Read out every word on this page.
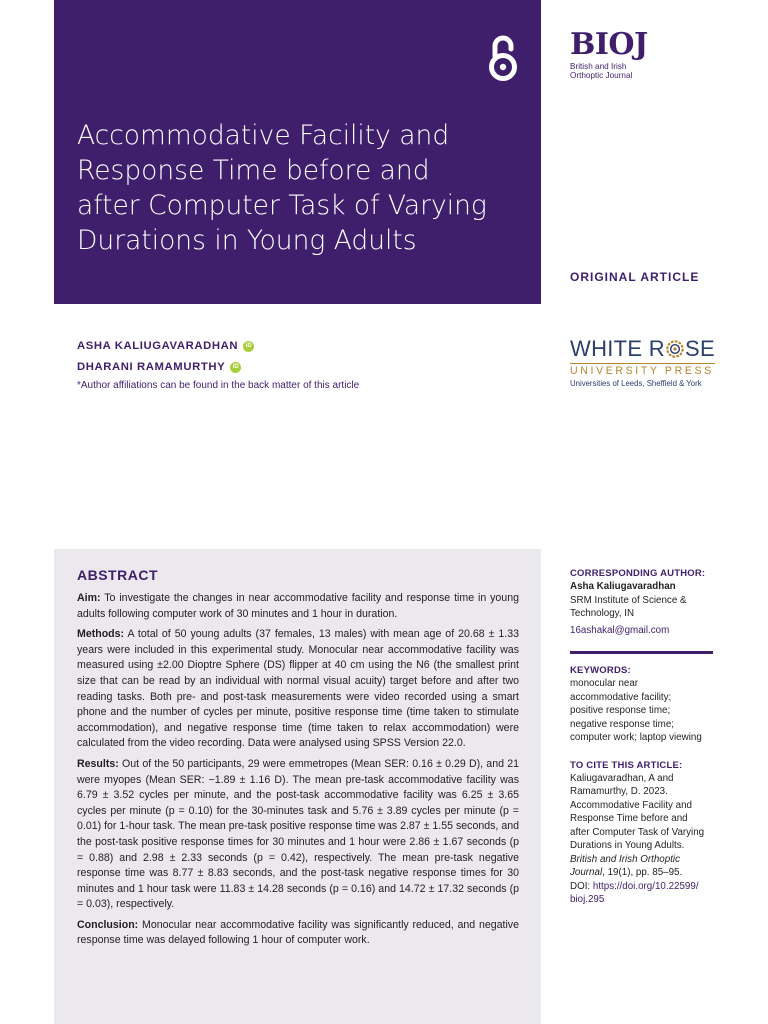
Accommodative Facility and Response Time before and after Computer Task of Varying Durations in Young Adults
BIOJ
British and Irish
Orthoptic Journal
ORIGINAL ARTICLE
ASHA KALIUGAVARADHAN	iD
DHARANI RAMAMURTHY	iD
*Author affiliations can be found in the back matter of this article
WHITE R SE
UNIVERSITY PRESS
Universities of Leeds, Sheffield & York
ABSTRACT

Aim: To investigate the changes in near accommodative facility and response time in young adults following computer work of 30 minutes and 1 hour in duration.

Methods: A total of 50 young adults (37 females, 13 males) with mean age of 20.68 ± 1.33 years were included in this experimental study. Monocular near accommodative facility was measured using ±2.00 Dioptre Sphere (DS) flipper at 40 cm using the N6 (the smallest print size that can be read by an individual with normal visual acuity) target before and after two reading tasks. Both pre- and post-task measurements were video recorded using a smart phone and the number of cycles per minute, positive response time (time taken to stimulate accommodation), and negative response time (time taken to relax accommodation) were calculated from the video recording. Data were analysed using SPSS Version 22.0.

Results: Out of the 50 participants, 29 were emmetropes (Mean SER: 0.16 ± 0.29 D), and 21 were myopes (Mean SER: −1.89 ± 1.16 D). The mean pre-task accommodative facility was 6.79 ± 3.52 cycles per minute, and the post-task accommodative facility was 6.25 ± 3.65 cycles per minute (p = 0.10) for the 30-minutes task and 5.76 ± 3.89 cycles per minute (p = 0.01) for 1-hour task. The mean pre-task positive response time was 2.87 ± 1.55 seconds, and the post-task positive response times for 30 minutes and 1 hour were 2.86 ± 1.67 seconds (p = 0.88) and 2.98 ± 2.33 seconds (p = 0.42), respectively. The mean pre-task negative response time was 8.77 ± 8.83 seconds, and the post-task negative response times for 30 minutes and 1 hour task were 11.83 ± 14.28 seconds (p = 0.16) and 14.72 ± 17.32 seconds (p = 0.03), respectively.

Conclusion: Monocular near accommodative facility was significantly reduced, and negative response time was delayed following 1 hour of computer work.

CORRESPONDING AUTHOR:
Asha Kaliugavaradhan
SRM Institute of Science &
Technology, IN
16ashakal@gmail.com
KEYWORDS:
monocular near
accommodative facility;
positive response time;
negative response time;
computer work; laptop viewing
TO CITE THIS ARTICLE:
Kaliugavaradhan, A and
Ramamurthy, D. 2023.
Accommodative Facility and
Response Time before and
after Computer Task of Varying
Durations in Young Adults.
British and Irish Orthoptic Journal, 19(1), pp. 85–95.
DOI: https://doi.org/10.22599/
bioj.295
